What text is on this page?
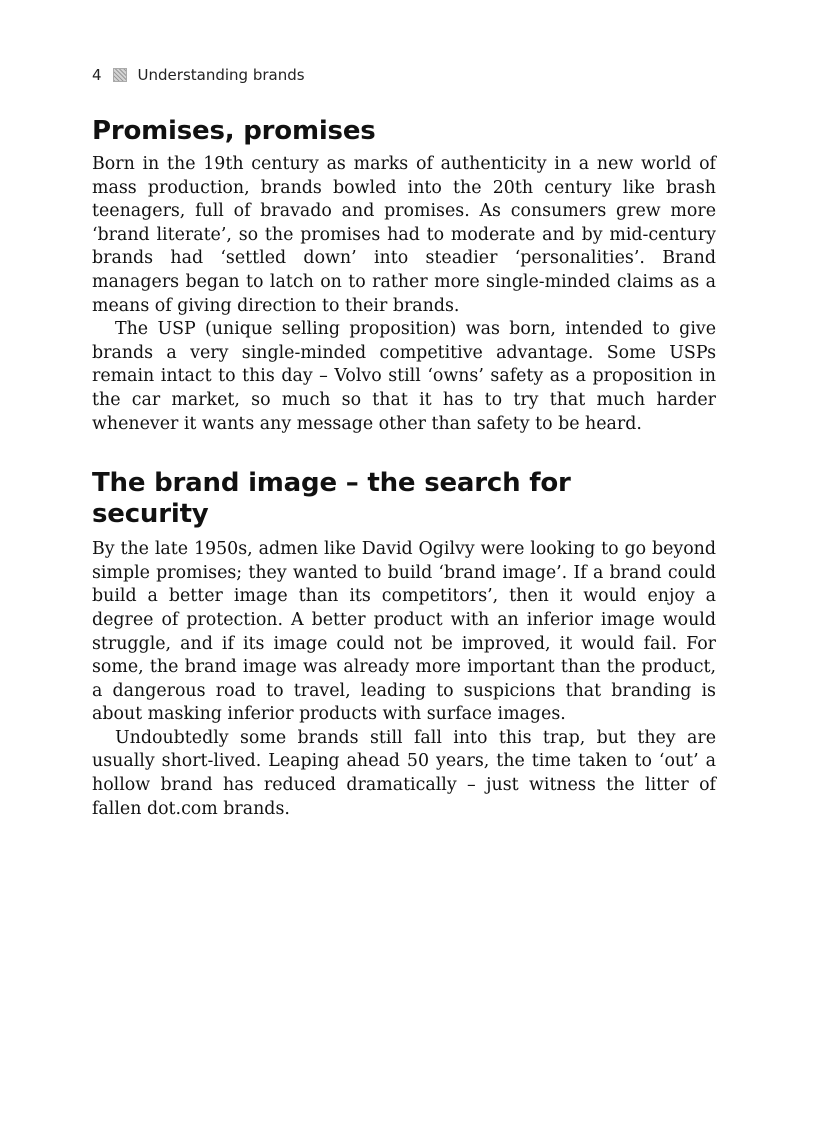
4 Understanding brands
Promises, promises

Born in the 19th century as marks of authenticity in a new world of mass production, brands bowled into the 20th century like brash teenagers, full of bravado and promises. As consumers grew more ‘brand literate’, so the promises had to moderate and by mid-century brands had ‘settled down’ into steadier ‘personalities’. Brand managers began to latch on to rather more single-minded claims as a means of giving direction to their brands.

The USP (unique selling proposition) was born, intended to give brands a very single-minded competitive advantage. Some USPs remain intact to this day – Volvo still ‘owns’ safety as a proposition in the car market, so much so that it has to try that much harder whenever it wants any message other than safety to be heard.

The brand image – the search for
security

By the late 1950s, admen like David Ogilvy were looking to go beyond simple promises; they wanted to build ‘brand image’. If a brand could build a better image than its competitors’, then it would enjoy a degree of protection. A better product with an inferior image would struggle, and if its image could not be improved, it would fail. For some, the brand image was already more important than the product, a dangerous road to travel, leading to suspicions that branding is about masking inferior products with surface images.

Undoubtedly some brands still fall into this trap, but they are usually short-lived. Leaping ahead 50 years, the time taken to ‘out’ a hollow brand has reduced dramatically – just witness the litter of fallen dot.com brands.
